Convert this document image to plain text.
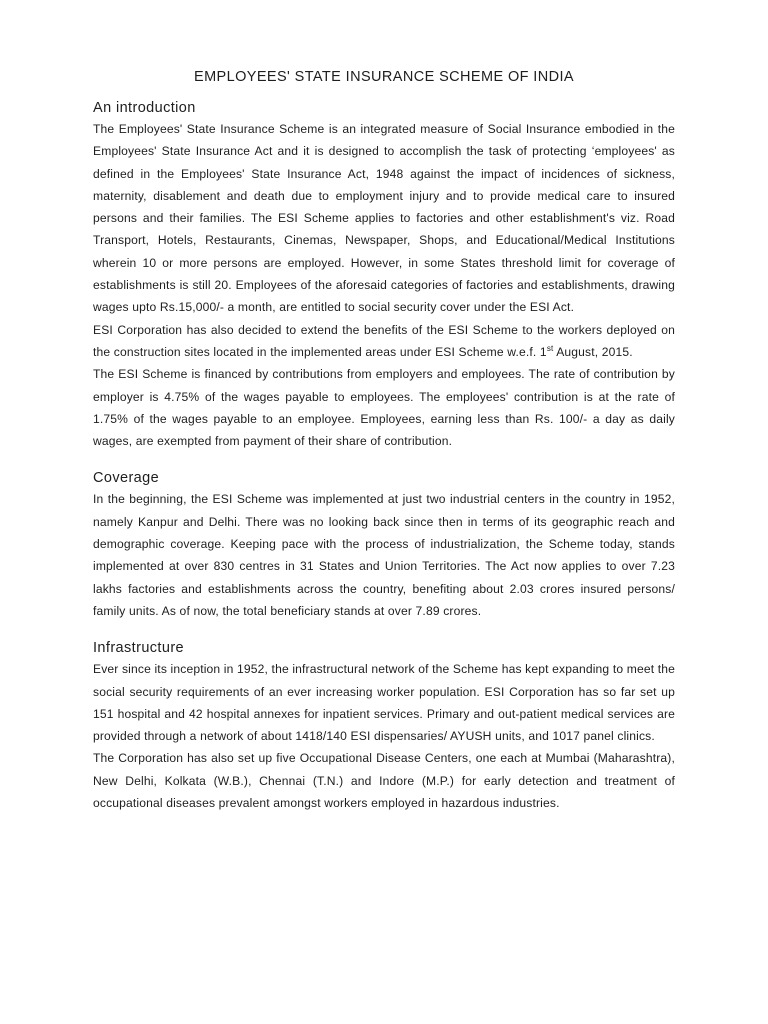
EMPLOYEES' STATE INSURANCE SCHEME OF INDIA
An introduction

The Employees' State Insurance Scheme is an integrated measure of Social Insurance embodied in the Employees' State Insurance Act and it is designed to accomplish the task of protecting ‘employees' as defined in the Employees' State Insurance Act, 1948 against the impact of incidences of sickness, maternity, disablement and death due to employment injury and to provide medical care to insured persons and their families. The ESI Scheme applies to factories and other establishment's viz. Road Transport, Hotels, Restaurants, Cinemas, Newspaper, Shops, and Educational/Medical Institutions wherein 10 or more persons are employed. However, in some States threshold limit for coverage of establishments is still 20. Employees of the aforesaid categories of factories and establishments, drawing wages upto Rs.15,000/- a month, are entitled to social security cover under the ESI Act.

ESI Corporation has also decided to extend the benefits of the ESI Scheme to the workers deployed on the construction sites located in the implemented areas under ESI Scheme w.e.f. 1st August, 2015.

The ESI Scheme is financed by contributions from employers and employees. The rate of contribution by employer is 4.75% of the wages payable to employees. The employees' contribution is at the rate of 1.75% of the wages payable to an employee. Employees, earning less than Rs. 100/- a day as daily wages, are exempted from payment of their share of contribution.

Coverage

In the beginning, the ESI Scheme was implemented at just two industrial centers in the country in 1952, namely Kanpur and Delhi. There was no looking back since then in terms of its geographic reach and demographic coverage. Keeping pace with the process of industrialization, the Scheme today, stands implemented at over 830 centres in 31 States and Union Territories. The Act now applies to over 7.23 lakhs factories and establishments across the country, benefiting about 2.03 crores insured persons/ family units. As of now, the total beneficiary stands at over 7.89 crores.

Infrastructure

Ever since its inception in 1952, the infrastructural network of the Scheme has kept expanding to meet the social security requirements of an ever increasing worker population. ESI Corporation has so far set up 151 hospital and 42 hospital annexes for inpatient services. Primary and out-patient medical services are provided through a network of about 1418/140 ESI dispensaries/ AYUSH units, and 1017 panel clinics.

The Corporation has also set up five Occupational Disease Centers, one each at Mumbai (Maharashtra), New Delhi, Kolkata (W.B.), Chennai (T.N.) and Indore (M.P.) for early detection and treatment of occupational diseases prevalent amongst workers employed in hazardous industries.
